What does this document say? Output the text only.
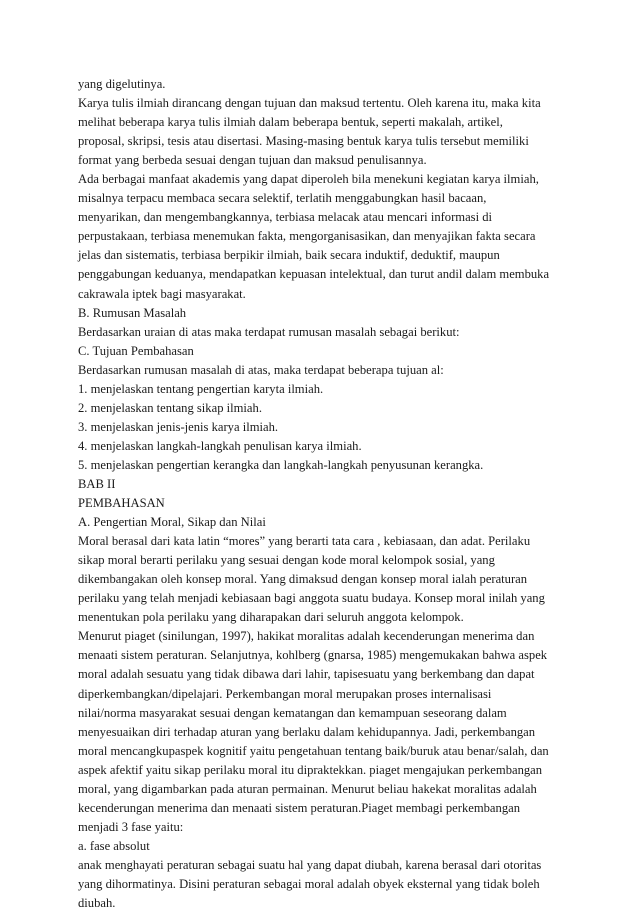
yang digelutinya.
Karya tulis ilmiah dirancang dengan tujuan dan maksud tertentu. Oleh karena itu, maka kita
melihat beberapa karya tulis ilmiah dalam beberapa bentuk, seperti makalah, artikel,
proposal, skripsi, tesis atau disertasi. Masing-masing bentuk karya tulis tersebut memiliki
format yang berbeda sesuai dengan tujuan dan maksud penulisannya.
Ada berbagai manfaat akademis yang dapat diperoleh bila menekuni kegiatan karya ilmiah,
misalnya terpacu membaca secara selektif, terlatih menggabungkan hasil bacaan,
menyarikan, dan mengembangkannya, terbiasa melacak atau mencari informasi di
perpustakaan, terbiasa menemukan fakta, mengorganisasikan, dan menyajikan fakta secara
jelas dan sistematis, terbiasa berpikir ilmiah, baik secara induktif, deduktif, maupun
penggabungan keduanya, mendapatkan kepuasan intelektual, dan turut andil dalam membuka
cakrawala iptek bagi masyarakat.
B. Rumusan Masalah
Berdasarkan uraian di atas maka terdapat rumusan masalah sebagai berikut:
C. Tujuan Pembahasan
Berdasarkan rumusan masalah di atas, maka terdapat beberapa tujuan al:
1. menjelaskan tentang pengertian karyta ilmiah.
2. menjelaskan tentang sikap ilmiah.
3. menjelaskan jenis-jenis karya ilmiah.
4. menjelaskan langkah-langkah penulisan karya ilmiah.
5. menjelaskan pengertian kerangka dan langkah-langkah penyusunan kerangka.
BAB II
PEMBAHASAN
A. Pengertian Moral, Sikap dan Nilai
Moral berasal dari kata latin “mores” yang berarti tata cara , kebiasaan, dan adat. Perilaku
sikap moral berarti perilaku yang sesuai dengan kode moral kelompok sosial, yang
dikembangakan oleh konsep moral. Yang dimaksud dengan konsep moral ialah peraturan
perilaku yang telah menjadi kebiasaan bagi anggota suatu budaya. Konsep moral inilah yang
menentukan pola perilaku yang diharapakan dari seluruh anggota kelompok.
Menurut piaget (sinilungan, 1997), hakikat moralitas adalah kecenderungan menerima dan
menaati sistem peraturan. Selanjutnya, kohlberg (gnarsa, 1985) mengemukakan bahwa aspek
moral adalah sesuatu yang tidak dibawa dari lahir, tapisesuatu yang berkembang dan dapat
diperkembangkan/dipelajari. Perkembangan moral merupakan proses internalisasi
nilai/norma masyarakat sesuai dengan kematangan dan kemampuan seseorang dalam
menyesuaikan diri terhadap aturan yang berlaku dalam kehidupannya. Jadi, perkembangan
moral mencangkupaspek kognitif yaitu pengetahuan tentang baik/buruk atau benar/salah, dan
aspek afektif yaitu sikap perilaku moral itu dipraktekkan. piaget mengajukan perkembangan
moral, yang digambarkan pada aturan permainan. Menurut beliau hakekat moralitas adalah
kecenderungan menerima dan menaati sistem peraturan.Piaget membagi perkembangan
menjadi 3 fase yaitu:
a. fase absolut
anak menghayati peraturan sebagai suatu hal yang dapat diubah, karena berasal dari otoritas
yang dihormatinya. Disini peraturan sebagai moral adalah obyek eksternal yang tidak boleh
diubah.
